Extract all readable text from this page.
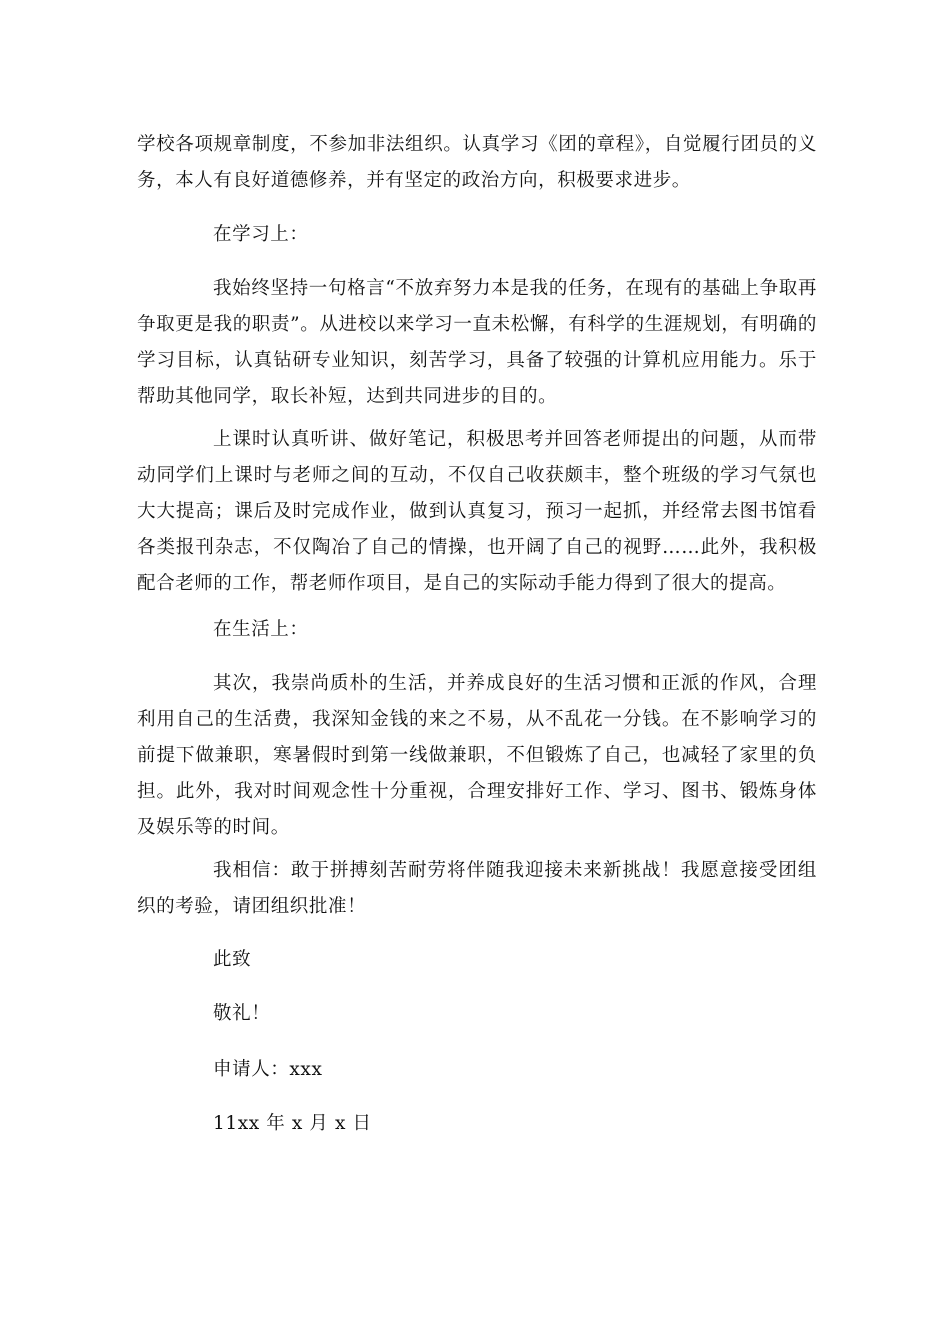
学校各项规章制度，不参加非法组织。认真学习《团的章程》，自觉履行团员的义务，本人有良好道德修养，并有坚定的政治方向，积极要求进步。

在学习上：

我始终坚持一句格言“不放弃努力本是我的任务，在现有的基础上争取再争取更是我的职责”。从进校以来学习一直未松懈，有科学的生涯规划，有明确的学习目标，认真钻研专业知识，刻苦学习，具备了较强的计算机应用能力。乐于帮助其他同学，取长补短，达到共同进步的目的。

上课时认真听讲、做好笔记，积极思考并回答老师提出的问题，从而带动同学们上课时与老师之间的互动，不仅自己收获颇丰，整个班级的学习气氛也大大提高；课后及时完成作业，做到认真复习，预习一起抓，并经常去图书馆看各类报刊杂志，不仅陶冶了自己的情操，也开阔了自己的视野……此外，我积极配合老师的工作，帮老师作项目，是自己的实际动手能力得到了很大的提高。

在生活上：

其次，我崇尚质朴的生活，并养成良好的生活习惯和正派的作风，合理利用自己的生活费，我深知金钱的来之不易，从不乱花一分钱。在不影响学习的前提下做兼职，寒暑假时到第一线做兼职，不但锻炼了自己，也减轻了家里的负担。此外，我对时间观念性十分重视，合理安排好工作、学习、图书、锻炼身体及娱乐等的时间。

我相信：敢于拼搏刻苦耐劳将伴随我迎接未来新挑战！我愿意接受团组织的考验，请团组织批准！

此致

敬礼！

申请人：xxx

11xx 年 x 月 x 日
